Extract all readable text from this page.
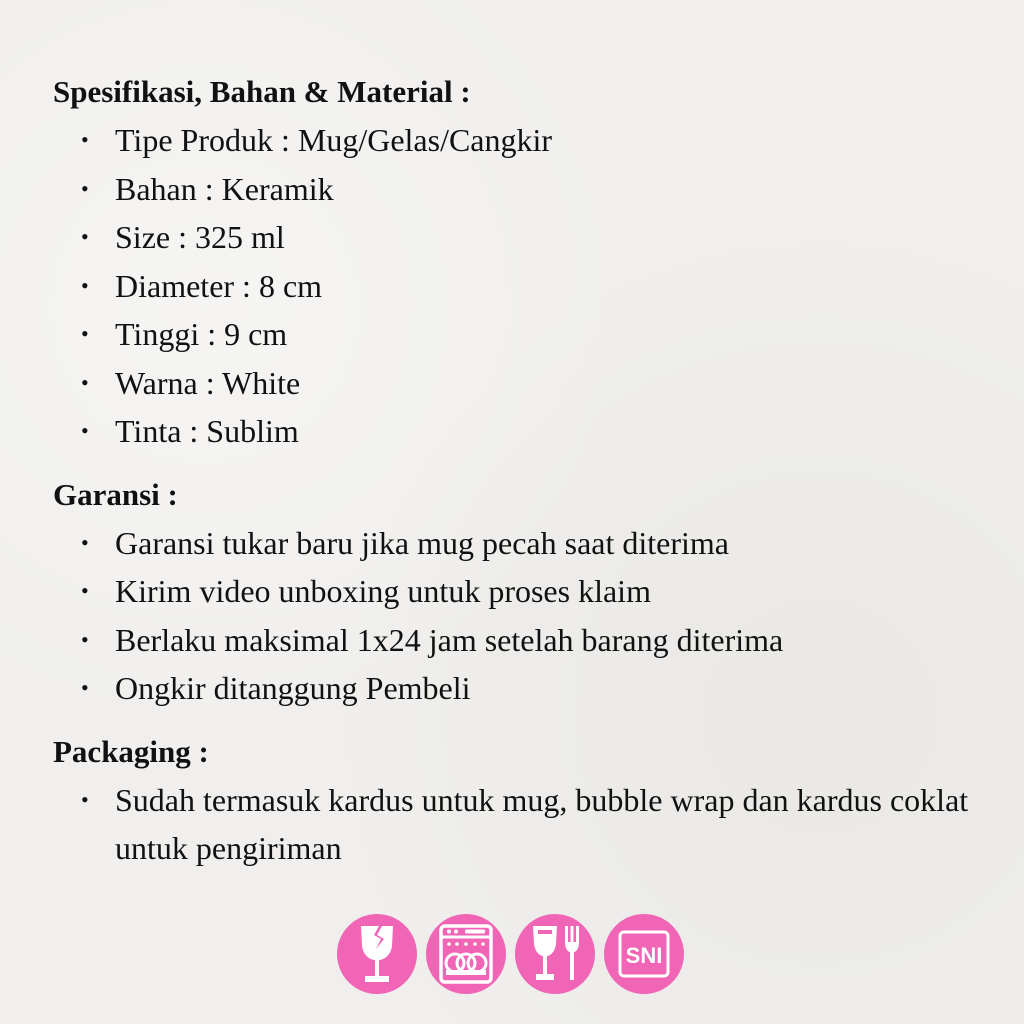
Spesifikasi, Bahan & Material :
• Tipe Produk : Mug/Gelas/Cangkir
• Bahan : Keramik
• Size : 325 ml
• Diameter : 8 cm
• Tinggi : 9 cm
• Warna : White
• Tinta : Sublim
Garansi :
• Garansi tukar baru jika mug pecah saat diterima
• Kirim video unboxing untuk proses klaim
• Berlaku maksimal 1x24 jam setelah barang diterima
• Ongkir ditanggung Pembeli
Packaging :
• Sudah termasuk kardus untuk mug, bubble wrap dan kardus coklat untuk pengiriman
SNI
